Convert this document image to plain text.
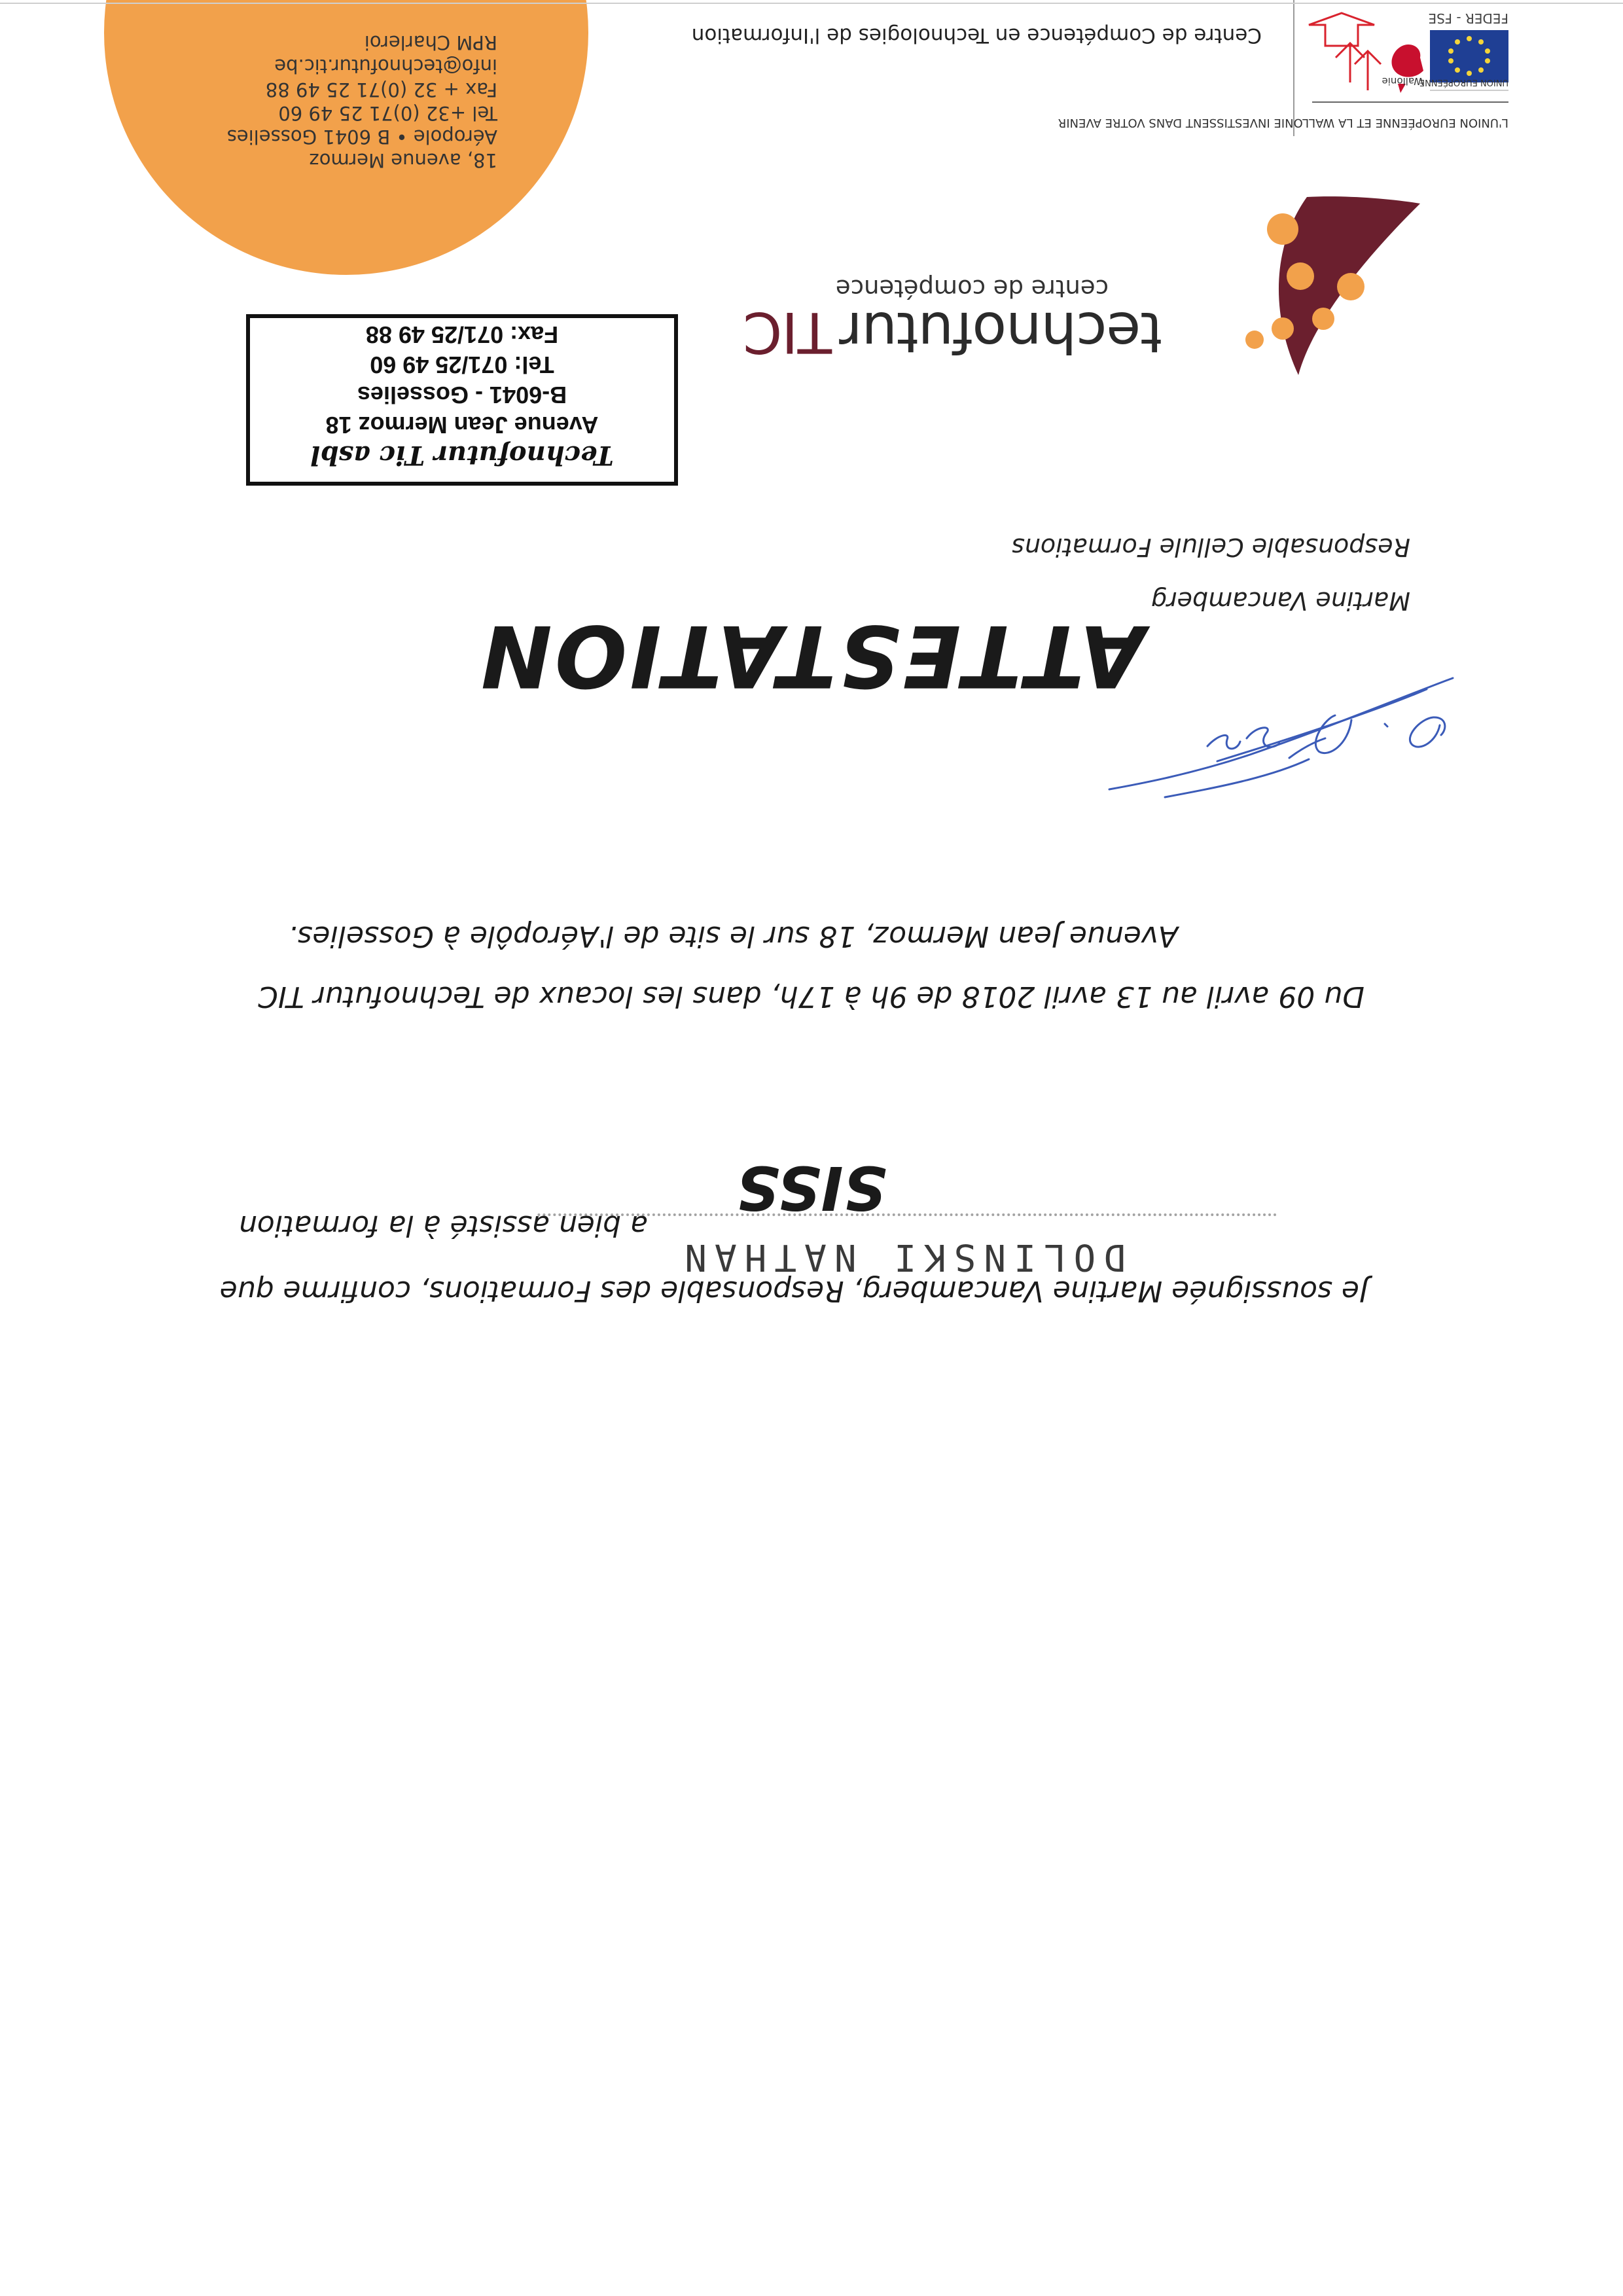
technofuturTIC
centre de compétence
ATTESTATION
Je soussignée Martine Vancamberg, Responsable des Formations, confirme que
DOLINSKI NATHAN
a bien assisté à la formation
SISS
Du 09 avril au 13 avril 2018 de 9h à 17h, dans les locaux de Technofutur TIC
Avenue Jean Mermoz, 18 sur le site de l'Aéropôle à Gosselies.
Martine Vancamberg
Responsable Cellule Formations
Technofutur Tic asbl
Avenue Jean Mermoz 18
B-6041 - Gosselies
Tel: 071/25 49 60
Fax: 071/25 49 88
18, avenue Mermoz
Aéropole • B 6041 Gosselies
Tel +32 (0)71 25 49 60
Fax + 32 (0)71 25 49 88
info@technofutur.tic.be
RPM Charleroi	Centre de Compétence en Technologies de l'Information
L'UNION EUROPÉENNE ET LA WALLONIE INVESTISSENT DANS VOTRE AVENIR
UNION EUROPÉENNE
Wallonie
FEDER - FSE
